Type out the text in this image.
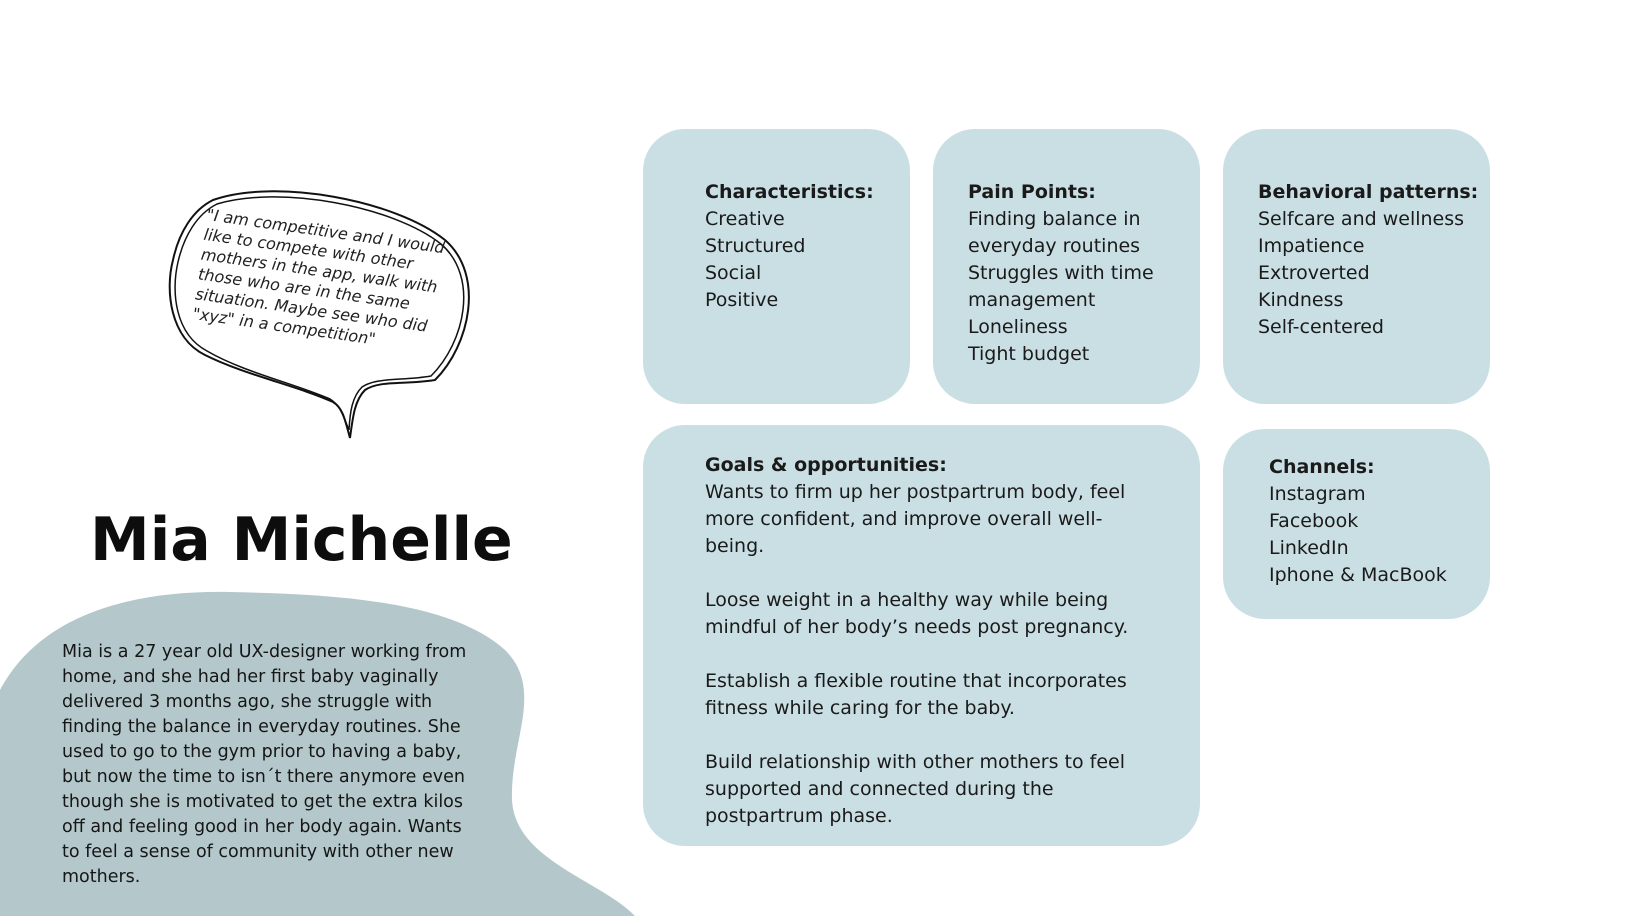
"I am competitive and I would like to compete with other mothers in the app, walk with those who are in the same situation. Maybe see who did "xyz" in a competition"
Mia Michelle
Mia is a 27 year old UX-designer working from home, and she had her first baby vaginally delivered 3 months ago, she struggle with finding the balance in everyday routines. She used to go to the gym prior to having a baby, but now the time to isn´t there anymore even though she is motivated to get the extra kilos off and feeling good in her body again. Wants to feel a sense of community with other new mothers.
Characteristics:
Creative
Structured
Social
Positive
Pain Points:
Finding balance in
everyday routines
Struggles with time
management
Loneliness
Tight budget
Behavioral patterns:
Selfcare and wellness
Impatience
Extroverted
Kindness
Self-centered
Goals & opportunities:
Wants to firm up her postpartrum body, feel more confident, and improve overall well-being.
Loose weight in a healthy way while being mindful of her body’s needs post pregnancy.
Establish a flexible routine that incorporates fitness while caring for the baby.
Build relationship with other mothers to feel supported and connected during the postpartrum phase.
Channels:
Instagram
Facebook
LinkedIn
Iphone & MacBook
